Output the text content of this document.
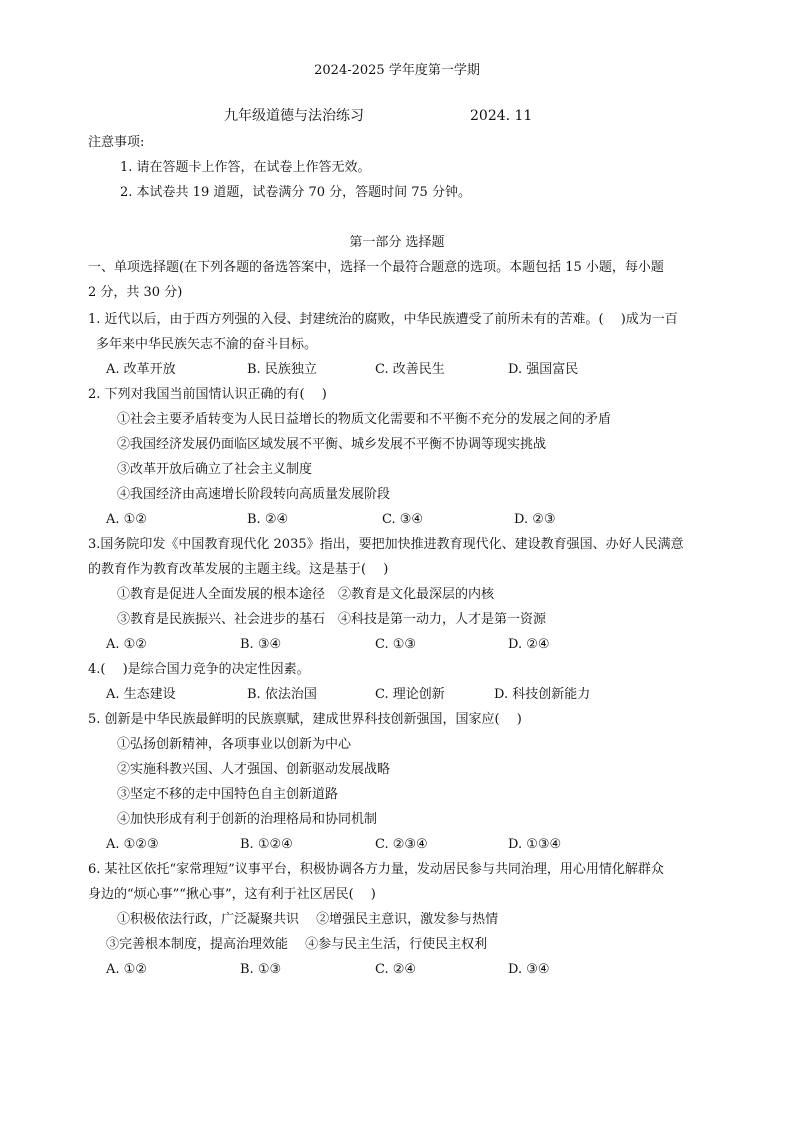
2024-2025 学年度第一学期
九年级道德与法治练习	2024. 11
注意事项:
1. 请在答题卡上作答，在试卷上作答无效。
2. 本试卷共 19 道题，试卷满分 70 分，答题时间 75 分钟。
第一部分 选择题
一、单项选择题(在下列各题的备选答案中，选择一个最符合题意的选项。本题包括 15 小题，每小题
2 分，共 30 分)
1. 近代以后，由于西方列强的入侵、封建统治的腐败，中华民族遭受了前所未有的苦难。(　 )成为一百
多年来中华民族矢志不渝的奋斗目标。
A. 改革开放	B. 民族独立	C. 改善民生	D. 强国富民
2. 下列对我国当前国情认识正确的有(　 )
①社会主要矛盾转变为人民日益增长的物质文化需要和不平衡不充分的发展之间的矛盾
②我国经济发展仍面临区域发展不平衡、城乡发展不平衡不协调等现实挑战
③改革开放后确立了社会主义制度
④我国经济由高速增长阶段转向高质量发展阶段
A. ①②	B. ②④	C. ③④	D. ②③
3.国务院印发《中国教育现代化 2035》指出，要把加快推进教育现代化、建设教育强国、办好人民满意
的教育作为教育改革发展的主题主线。这是基于(　 )
①教育是促进人全面发展的根本途径　②教育是文化最深层的内核
③教育是民族振兴、社会进步的基石　④科技是第一动力，人才是第一资源
A. ①②	B. ③④	C. ①③	D. ②④
4.(　 )是综合国力竞争的决定性因素。
A. 生态建设	B. 依法治国	C. 理论创新	D. 科技创新能力
5. 创新是中华民族最鲜明的民族禀赋，建成世界科技创新强国，国家应(　 )
①弘扬创新精神，各项事业以创新为中心
②实施科教兴国、人才强国、创新驱动发展战略
③坚定不移的走中国特色自主创新道路
④加快形成有利于创新的治理格局和协同机制
A. ①②③	B. ①②④	C. ②③④	D. ①③④
6. 某社区依托“家常理短”议事平台，积极协调各方力量，发动居民参与共同治理，用心用情化解群众
身边的“烦心事”“揪心事”，这有利于社区居民(　 )
①积极依法行政，广泛凝聚共识　 ②增强民主意识，激发参与热情
③完善根本制度，提高治理效能　 ④参与民主生活，行使民主权利
A. ①②	B. ①③	C. ②④	D. ③④
